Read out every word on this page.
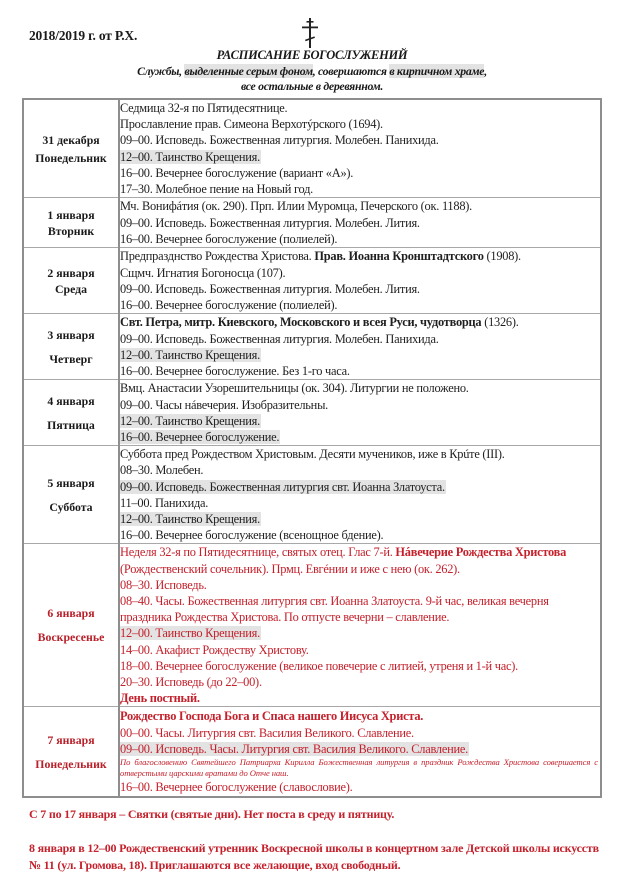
2018/2019 г. от Р.Х.
РАСПИСАНИЕ БОГОСЛУЖЕНИЙ
Службы, выделенные серым фоном, совершаются в кирпичном храме,
все остальные в деревянном.
31 декабря
Понедельник

Седмица 32-я по Пятидесятнице.
Прославление прав. Симеона Верхотýрского (1694).
09–00. Исповедь. Божественная литургия. Молебен. Панихида.
12–00. Таинство Крещения.
16–00. Вечернее богослужение (вариант «А»).
17–30. Молебное пение на Новый год.

1 января
Вторник

Мч. Вонифáтия (ок. 290). Прп. Илии Муромца, Печерского (ок. 1188).
09–00. Исповедь. Божественная литургия. Молебен. Лития.
16–00. Вечернее богослужение (полиелей).

2 января
Среда

Предпразднство Рождества Христова. Прав. Иоанна Кронштадтского (1908).
Сщмч. Игнатия Богоносца (107).
09–00. Исповедь. Божественная литургия. Молебен. Лития.
16–00. Вечернее богослужение (полиелей).

3 января
Четверг

Свт. Петра, митр. Киевского, Московского и всея Руси, чудотворца (1326).
09–00. Исповедь. Божественная литургия. Молебен. Панихида.
12–00. Таинство Крещения.
16–00. Вечернее богослужение. Без 1-го часа.

4 января
Пятница

Вмц. Анастасии Узорешительницы (ок. 304). Литургии не положено.
09–00. Часы нáвечерия. Изобразительны.
12–00. Таинство Крещения.
16–00. Вечернее богослужение.

5 января
Суббота

Суббота пред Рождеством Христовым. Десяти мучеников, иже в Крúте (III).
08–30. Молебен.
09–00. Исповедь. Божественная литургия свт. Иоанна Златоуста.
11–00. Панихида.
12–00. Таинство Крещения.
16–00. Вечернее богослужение (всенощное бдение).

6 января
Воскресенье

Неделя 32-я по Пятидесятнице, святых отец. Глас 7-й. Нáвечерие Рождества Христова (Рождественский сочельник). Прмц. Евгéнии и иже с нею (ок. 262).
08–30. Исповедь.
08–40. Часы. Божественная литургия свт. Иоанна Златоуста. 9-й час, великая вечерня праздника Рождества Христова. По отпусте вечерни – славление.
12–00. Таинство Крещения.
14–00. Акафист Рождеству Христову.
18–00. Вечернее богослужение (великое повечерие с литией, утреня и 1-й час).
20–30. Исповедь (до 22–00).
День постный.

7 января
Понедельник

Рождество Господа Бога и Спаса нашего Иисуса Христа.
00–00. Часы. Литургия свт. Василия Великого. Славление.
09–00. Исповедь. Часы. Литургия свт. Василия Великого. Славление.
По благословению Святейшего Патриарха Кирилла Божественная литургия в праздник Рождества Христова совершается с отверстыми царскими вратами до Отче наш.
16–00. Вечернее богослужение (славословие).
С 7 по 17 января – Святки (святые дни). Нет поста в среду и пятницу.
8 января в 12–00 Рождественский утренник Воскресной школы в концертном зале Детской школы искусств № 11 (ул. Громова, 18). Приглашаются все желающие, вход свободный.
